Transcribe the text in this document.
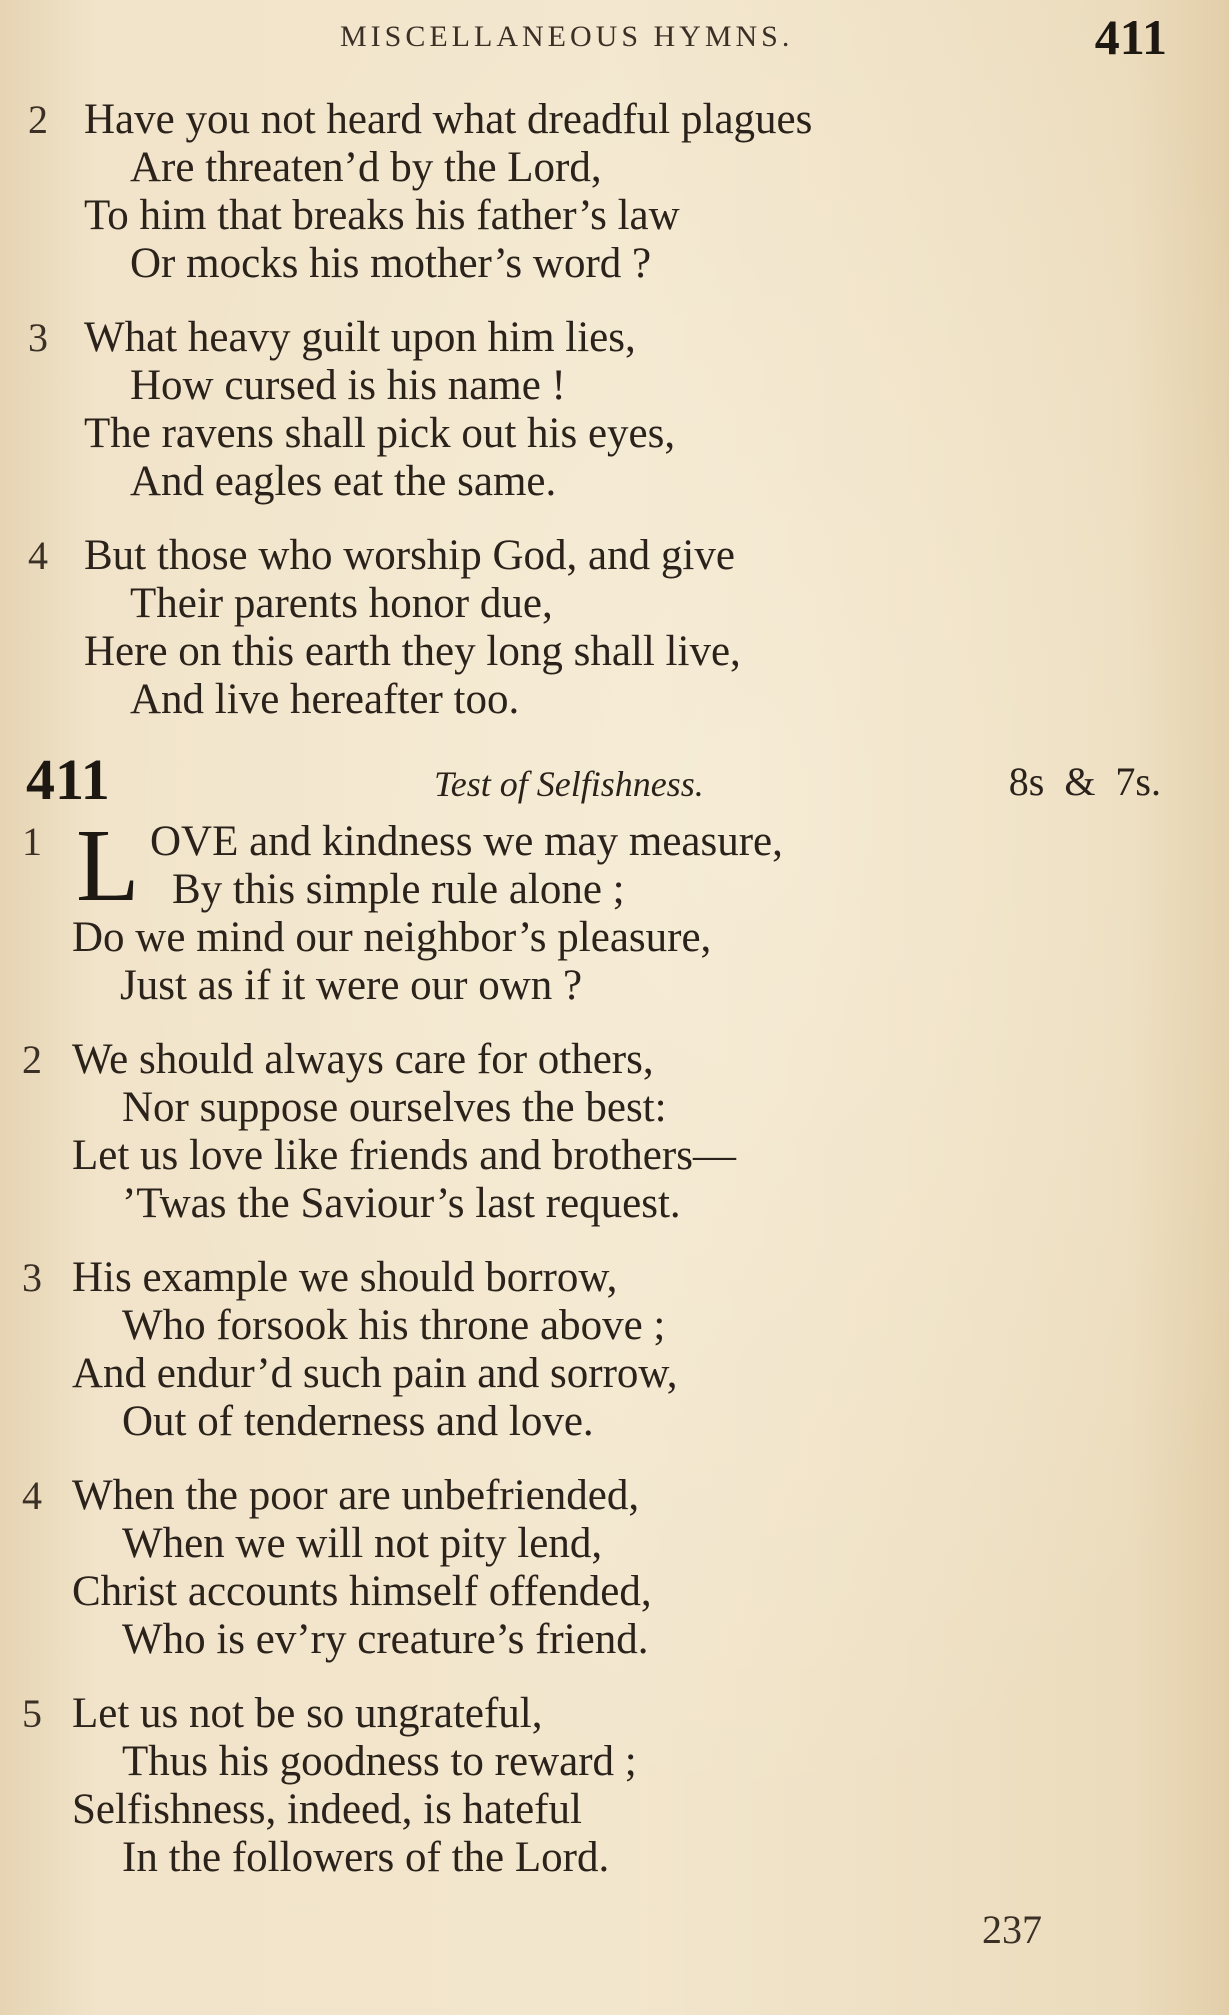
MISCELLANEOUS HYMNS.	411
2 Have you not heard what dreadful plagues
Are threaten’d by the Lord,
To him that breaks his father’s law
Or mocks his mother’s word ?
3 What heavy guilt upon him lies,
How cursed is his name !
The ravens shall pick out his eyes,
And eagles eat the same.
4 But those who worship God, and give
Their parents honor due,
Here on this earth they long shall live,
And live hereafter too.
411	Test of Selfishness.	8s  &  7s.
1 L OVE and kindness we may measure,
By this simple rule alone ;
Do we mind our neighbor’s pleasure,
Just as if it were our own ?
2 We should always care for others,
Nor suppose ourselves the best:
Let us love like friends and brothers—
’Twas the Saviour’s last request.
3 His example we should borrow,
Who forsook his throne above ;
And endur’d such pain and sorrow,
Out of tenderness and love.
4 When the poor are unbefriended,
When we will not pity lend,
Christ accounts himself offended,
Who is ev’ry creature’s friend.
5 Let us not be so ungrateful,
Thus his goodness to reward ;
Selfishness, indeed, is hateful
In the followers of the Lord.
237
